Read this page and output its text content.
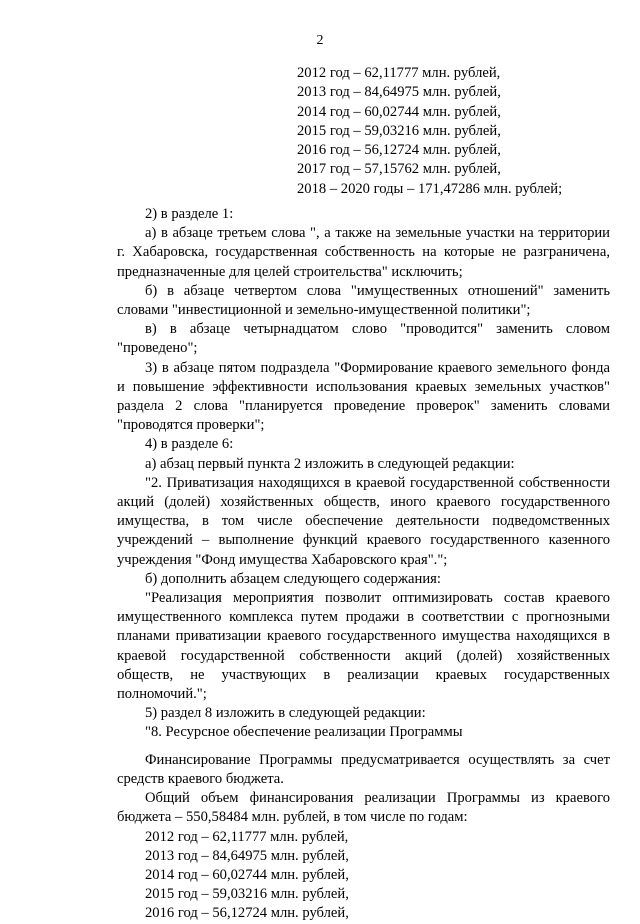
2
2012 год – 62,11777 млн. рублей,
2013 год – 84,64975 млн. рублей,
2014 год – 60,02744 млн. рублей,
2015 год – 59,03216 млн. рублей,
2016 год – 56,12724 млн. рублей,
2017 год – 57,15762 млн. рублей,
2018 – 2020 годы – 171,47286 млн. рублей;

2) в разделе 1:

а) в абзаце третьем слова ", а также на земельные участки на территории г. Хабаровска, государственная собственность на которые не разграничена, предназначенные для целей строительства" исключить;

б) в абзаце четвертом слова "имущественных отношений" заменить словами "инвестиционной и земельно-имущественной политики";

в) в абзаце четырнадцатом слово "проводится" заменить словом "проведено";

3) в абзаце пятом подраздела "Формирование краевого земельного фонда и повышение эффективности использования краевых земельных участков" раздела 2 слова "планируется проведение проверок" заменить словами "проводятся проверки";

4) в разделе 6:

а) абзац первый пункта 2 изложить в следующей редакции:

"2. Приватизация находящихся в краевой государственной собственности акций (долей) хозяйственных обществ, иного краевого государственного имущества, в том числе обеспечение деятельности подведомственных учреждений – выполнение функций краевого государственного казенного учреждения "Фонд имущества Хабаровского края".";

б) дополнить абзацем следующего содержания:

"Реализация мероприятия позволит оптимизировать состав краевого имущественного комплекса путем продажи в соответствии с прогнозными планами приватизации краевого государственного имущества находящихся в краевой государственной собственности акций (долей) хозяйственных обществ, не участвующих в реализации краевых государственных полномочий.";

5) раздел 8 изложить в следующей редакции:

"8. Ресурсное обеспечение реализации Программы

Финансирование Программы предусматривается осуществлять за счет средств краевого бюджета.

Общий объем финансирования реализации Программы из краевого бюджета – 550,58484 млн. рублей, в том числе по годам:

2012 год – 62,11777 млн. рублей,

2013 год – 84,64975 млн. рублей,

2014 год – 60,02744 млн. рублей,

2015 год – 59,03216 млн. рублей,

2016 год – 56,12724 млн. рублей,
